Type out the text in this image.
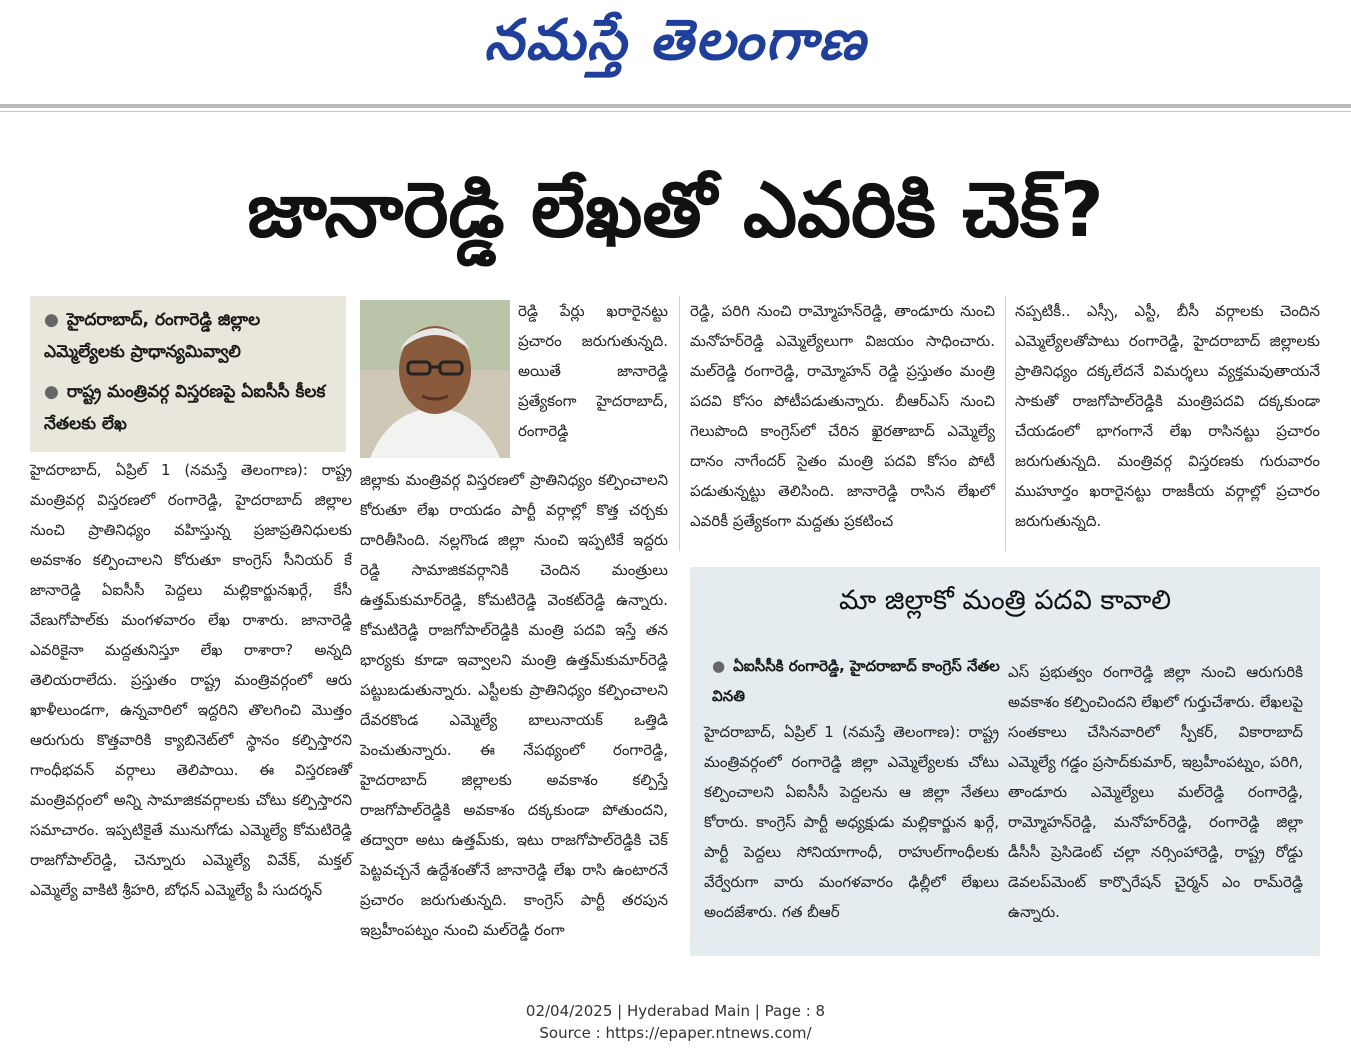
నమస్తే తెలంగాణ
జానారెడ్డి లేఖతో ఎవరికి చెక్?
● హైదరాబాద్, రంగారెడ్డి జిల్లాల ఎమ్మెల్యేలకు ప్రాధాన్యమివ్వాలి
● రాష్ట్ర మంత్రివర్గ విస్తరణపై ఏఐసీసీ కీలక నేతలకు లేఖ

హైదరాబాద్, ఏప్రిల్ 1 (నమస్తే తెలంగాణ): రాష్ట్ర మంత్రివర్గ విస్తరణలో రంగారెడ్డి, హైదరాబాద్ జిల్లాల నుంచి ప్రాతినిధ్యం వహిస్తున్న ప్రజాప్రతినిధులకు అవకాశం కల్పించాలని కోరుతూ కాంగ్రెస్ సీనియర్ కే జానారెడ్డి ఏఐసీసీ పెద్దలు మల్లికార్జునఖర్గే, కేసీ వేణుగోపాల్‌కు మంగళవారం లేఖ రాశారు. జానారెడ్డి ఎవరికైనా మద్దతునిస్తూ లేఖ రాశారా? అన్నది తెలియరాలేదు. ప్రస్తుతం రాష్ట్ర మంత్రివర్గంలో ఆరు ఖాళీలుండగా, ఉన్నవారిలో ఇద్దరిని తొలగించి మొత్తం ఆరుగురు కొత్తవారికి క్యాబినెట్‌లో స్థానం కల్పిస్తారని గాంధీభవన్ వర్గాలు తెలిపాయి. ఈ విస్తరణతో మంత్రివర్గంలో అన్ని సామాజికవర్గాలకు చోటు కల్పిస్తారని సమాచారం. ఇప్పటికైతే మునుగోడు ఎమ్మెల్యే కోమటిరెడ్డి రాజగోపాల్‌రెడ్డి, చెన్నూరు ఎమ్మెల్యే వివేక్, మక్తల్ ఎమ్మెల్యే వాకిటి శ్రీహరి, బోధన్ ఎమ్మెల్యే పీ సుదర్శన్

రెడ్డి పేర్లు ఖరారైనట్టు ప్రచారం జరుగుతున్నది. అయితే జానారెడ్డి ప్రత్యేకంగా హైదరాబాద్, రంగారెడ్డి

జిల్లాకు మంత్రివర్గ విస్తరణలో ప్రాతినిధ్యం కల్పించాలని కోరుతూ లేఖ రాయడం పార్టీ వర్గాల్లో కొత్త చర్చకు దారితీసింది. నల్లగొండ జిల్లా నుంచి ఇప్పటికే ఇద్దరు రెడ్డి సామాజికవర్గానికి చెందిన మంత్రులు ఉత్తమ్‌కుమార్‌రెడ్డి, కోమటిరెడ్డి వెంకట్‌రెడ్డి ఉన్నారు. కోమటిరెడ్డి రాజగోపాల్‌రెడ్డికి మంత్రి పదవి ఇస్తే తన భార్యకు కూడా ఇవ్వాలని మంత్రి ఉత్తమ్‌కుమార్‌రెడ్డి పట్టుబడుతున్నారు. ఎస్టీలకు ప్రాతినిధ్యం కల్పించాలని దేవరకొండ ఎమ్మెల్యే బాలునాయక్ ఒత్తిడి పెంచుతున్నారు. ఈ నేపథ్యంలో రంగారెడ్డి, హైదరాబాద్ జిల్లాలకు అవకాశం కల్పిస్తే రాజగోపాల్‌రెడ్డికి అవకాశం దక్కకుండా పోతుందని, తద్వారా అటు ఉత్తమ్‌కు, ఇటు రాజగోపాల్‌రెడ్డికి చెక్ పెట్టవచ్చనే ఉద్దేశంతోనే జానారెడ్డి లేఖ రాసి ఉంటారనే ప్రచారం జరుగుతున్నది. కాంగ్రెస్ పార్టీ తరపున ఇబ్రహీంపట్నం నుంచి మల్‌రెడ్డి రంగా

రెడ్డి, పరిగి నుంచి రామ్మోహన్‌రెడ్డి, తాండూరు నుంచి మనోహర్‌రెడ్డి ఎమ్మెల్యేలుగా విజయం సాధించారు. మల్‌రెడ్డి రంగారెడ్డి, రామ్మోహన్ రెడ్డి ప్రస్తుతం మంత్రి పదవి కోసం పోటీపడుతున్నారు. బీఆర్‌ఎస్ నుంచి గెలుపొంది కాంగ్రెస్‌లో చేరిన ఖైరతాబాద్ ఎమ్మెల్యే దానం నాగేందర్ సైతం మంత్రి పదవి కోసం పోటీ పడుతున్నట్టు తెలిసింది. జానారెడ్డి రాసిన లేఖలో ఎవరికీ ప్రత్యేకంగా మద్దతు ప్రకటించ

నప్పటికీ.. ఎస్సీ, ఎస్టీ, బీసీ వర్గాలకు చెందిన ఎమ్మెల్యేలతోపాటు రంగారెడ్డి, హైదరాబాద్ జిల్లాలకు ప్రాతినిధ్యం దక్కలేదనే విమర్శలు వ్యక్తమవుతాయనే సాకుతో రాజగోపాల్‌రెడ్డికి మంత్రిపదవి దక్కకుండా చేయడంలో భాగంగానే లేఖ రాసినట్టు ప్రచారం జరుగుతున్నది. మంత్రివర్గ విస్తరణకు గురువారం ముహూర్తం ఖరారైనట్టు రాజకీయ వర్గాల్లో ప్రచారం జరుగుతున్నది.

మా జిల్లాకో మంత్రి పదవి కావాలి
● ఏఐసీసీకి రంగారెడ్డి, హైదరాబాద్ కాంగ్రెస్ నేతల వినతి

హైదరాబాద్, ఏప్రిల్ 1 (నమస్తే తెలంగాణ): రాష్ట్ర మంత్రివర్గంలో రంగారెడ్డి జిల్లా ఎమ్మెల్యేలకు చోటు కల్పించాలని ఏఐసీసీ పెద్దలను ఆ జిల్లా నేతలు కోరారు. కాంగ్రెస్ పార్టీ అధ్యక్షుడు మల్లికార్జున ఖర్గే, పార్టీ పెద్దలు సోనియాగాంధీ, రాహుల్‌గాంధీలకు వేర్వేరుగా వారు మంగళవారం ఢిల్లీలో లేఖలు అందజేశారు. గత బీఆర్

ఎస్ ప్రభుత్వం రంగారెడ్డి జిల్లా నుంచి ఆరుగురికి అవకాశం కల్పించిందని లేఖలో గుర్తుచేశారు. లేఖలపై సంతకాలు చేసినవారిలో స్పీకర్, వికారాబాద్ ఎమ్మెల్యే గడ్డం ప్రసాద్‌కుమార్, ఇబ్రహీంపట్నం, పరిగి, తాండూరు ఎమ్మెల్యేలు మల్‌రెడ్డి రంగారెడ్డి, రామ్మోహన్‌రెడ్డి, మనోహర్‌రెడ్డి, రంగారెడ్డి జిల్లా డీసీసీ ప్రెసిడెంట్ చల్లా నర్సింహారెడ్డి, రాష్ట్ర రోడ్డు డెవలప్‌మెంట్ కార్పొరేషన్ చైర్మన్ ఎం రామ్‌రెడ్డి ఉన్నారు.

02/04/2025 | Hyderabad Main | Page : 8
Source : https://epaper.ntnews.com/
